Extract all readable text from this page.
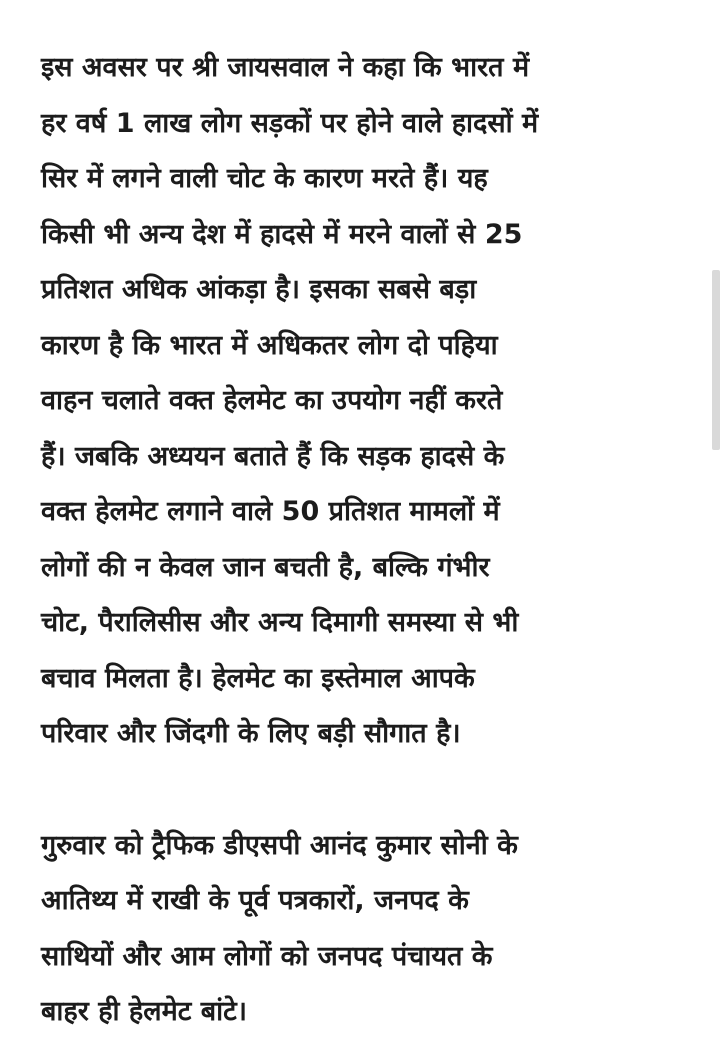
इस अवसर पर श्री जायसवाल ने कहा कि भारत में
हर वर्ष 1 लाख लोग सड़कों पर होने वाले हादसों में
सिर में लगने वाली चोट के कारण मरते हैं। यह
किसी भी अन्य देश में हादसे में मरने वालों से 25
प्रतिशत अधिक आंकड़ा है। इसका सबसे बड़ा
कारण है कि भारत में अधिकतर लोग दो पहिया
वाहन चलाते वक्त हेलमेट का उपयोग नहीं करते
हैं। जबकि अध्ययन बताते हैं कि सड़क हादसे के
वक्त हेलमेट लगाने वाले 50 प्रतिशत मामलों में
लोगों की न केवल जान बचती है, बल्कि गंभीर
चोट, पैरालिसीस और अन्य दिमागी समस्या से भी
बचाव मिलता है। हेलमेट का इस्तेमाल आपके
परिवार और जिंदगी के लिए बड़ी सौगात है।
गुरुवार को ट्रैफिक डीएसपी आनंद कुमार सोनी के
आतिथ्य में राखी के पूर्व पत्रकारों, जनपद के
साथियों और आम लोगों को जनपद पंचायत के
बाहर ही हेलमेट बांटे।
